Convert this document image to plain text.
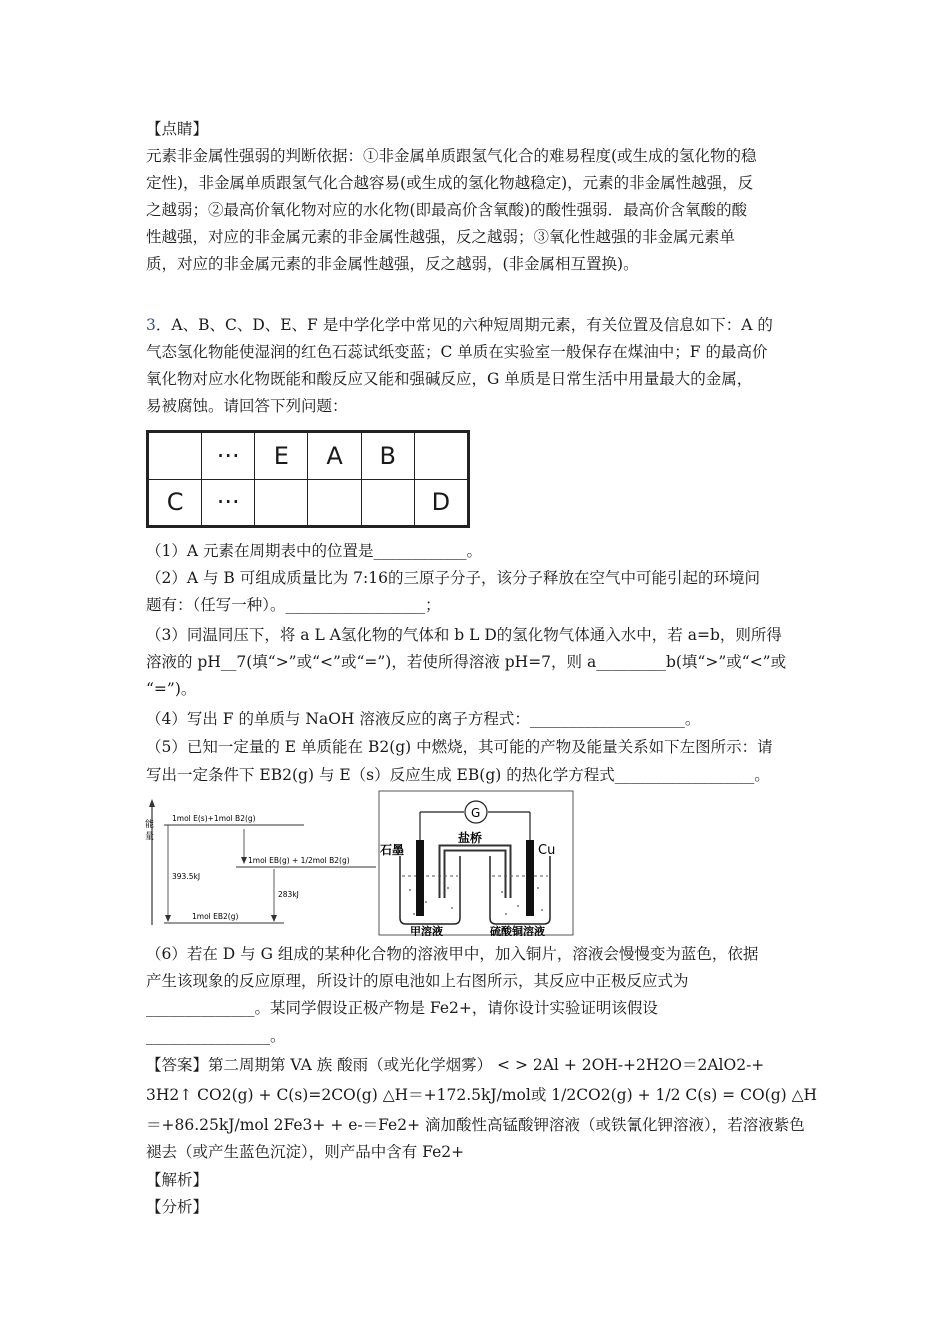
【点睛】
元素非金属性强弱的判断依据：①非金属单质跟氢气化合的难易程度(或生成的氢化物的稳
定性)，非金属单质跟氢气化合越容易(或生成的氢化物越稳定)，元素的非金属性越强，反
之越弱；②最高价氧化物对应的水化物(即最高价含氧酸)的酸性强弱．最高价含氧酸的酸
性越强，对应的非金属元素的非金属性越强，反之越弱；③氧化性越强的非金属元素单
质，对应的非金属元素的非金属性越强，反之越弱，(非金属相互置换)。
3．A、B、C、D、E、F 是中学化学中常见的六种短周期元素，有关位置及信息如下：A 的
气态氢化物能使湿润的红色石蕊试纸变蓝；C 单质在实验室一般保存在煤油中；F 的最高价
氧化物对应水化物既能和酸反应又能和强碱反应，G 单质是日常生活中用量最大的金属，
易被腐蚀。请回答下列问题：
	···	E	A	B	
C	···				D
（1）A 元素在周期表中的位置是____________。
（2）A 与 B 可组成质量比为 7:16的三原子分子，该分子释放在空气中可能引起的环境问
题有：（任写一种）。__________________；
（3）同温同压下，将 a L A氢化物的气体和 b L D的氢化物气体通入水中，若 a=b，则所得
溶液的 pH__7(填“>”或“<”或“=”)，若使所得溶液 pH=7，则 a_________b(填“>”或“<”或
“=”)。
（4）写出 F 的单质与 NaOH 溶液反应的离子方程式：____________________。
（5）已知一定量的 E 单质能在 B2(g) 中燃烧，其可能的产物及能量关系如下左图所示：请
写出一定条件下 EB2(g) 与 E（s）反应生成 EB(g) 的热化学方程式__________________。
能量
1mol E(s)+1mol B2(g)
1mol EB(g) + 1/2mol B2(g)
1mol EB2(g)
393.5kJ
283kJ
G
盐桥
石墨	Cu
甲溶液	硫酸铜溶液
（6）若在 D 与 G 组成的某种化合物的溶液甲中，加入铜片，溶液会慢慢变为蓝色，依据
产生该现象的反应原理，所设计的原电池如上右图所示，其反应中正极反应式为
______________。某同学假设正极产物是 Fe2+，请你设计实验证明该假设
________________。
【答案】第二周期第 VA 族 酸雨（或光化学烟雾） < > 2Al + 2OH-+2H2O＝2AlO2-+
3H2↑ CO2(g) + C(s)=2CO(g) △H＝+172.5kJ/mol或 1/2CO2(g) + 1/2 C(s) = CO(g) △H
＝+86.25kJ/mol 2Fe3+ + e-＝Fe2+ 滴加酸性高锰酸钾溶液（或铁氰化钾溶液），若溶液紫色
褪去（或产生蓝色沉淀），则产品中含有 Fe2+
【解析】
【分析】
